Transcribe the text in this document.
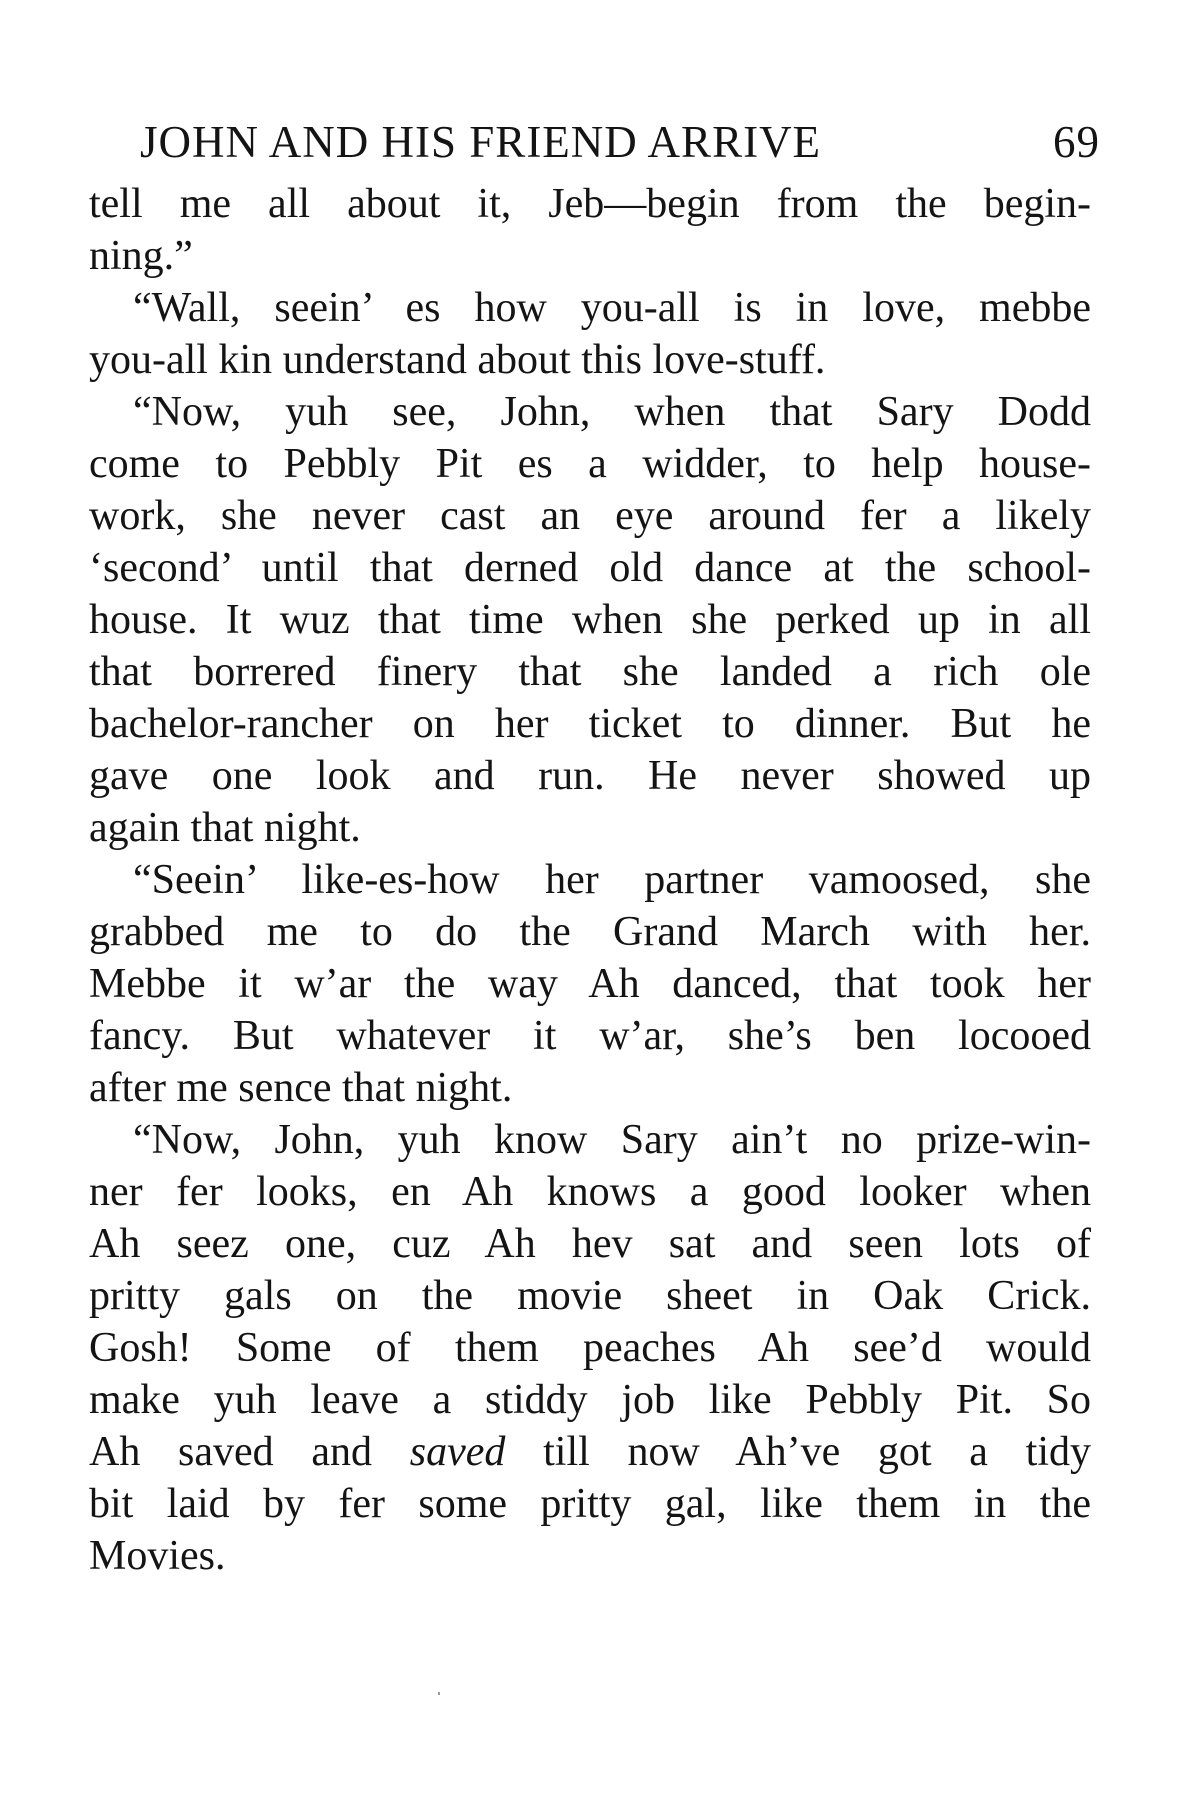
JOHN AND HIS FRIEND ARRIVE	69
tell me all about it, Jeb—begin from the begin-
ning.”
“Wall, seein’ es how you-all is in love, mebbe
you-all kin understand about this love-stuff.
“Now, yuh see, John, when that Sary Dodd
come to Pebbly Pit es a widder, to help house-
work, she never cast an eye around fer a likely
‘second’ until that derned old dance at the school-
house. It wuz that time when she perked up in all
that borrered finery that she landed a rich ole
bachelor-rancher on her ticket to dinner. But he
gave one look and run. He never showed up
again that night.
“Seein’ like-es-how her partner vamoosed, she
grabbed me to do the Grand March with her.
Mebbe it w’ar the way Ah danced, that took her
fancy. But whatever it w’ar, she’s ben locooed
after me sence that night.
“Now, John, yuh know Sary ain’t no prize-win-
ner fer looks, en Ah knows a good looker when
Ah seez one, cuz Ah hev sat and seen lots of
pritty gals on the movie sheet in Oak Crick.
Gosh! Some of them peaches Ah see’d would
make yuh leave a stiddy job like Pebbly Pit. So
Ah saved and saved till now Ah’ve got a tidy
bit laid by fer some pritty gal, like them in the
Movies.
